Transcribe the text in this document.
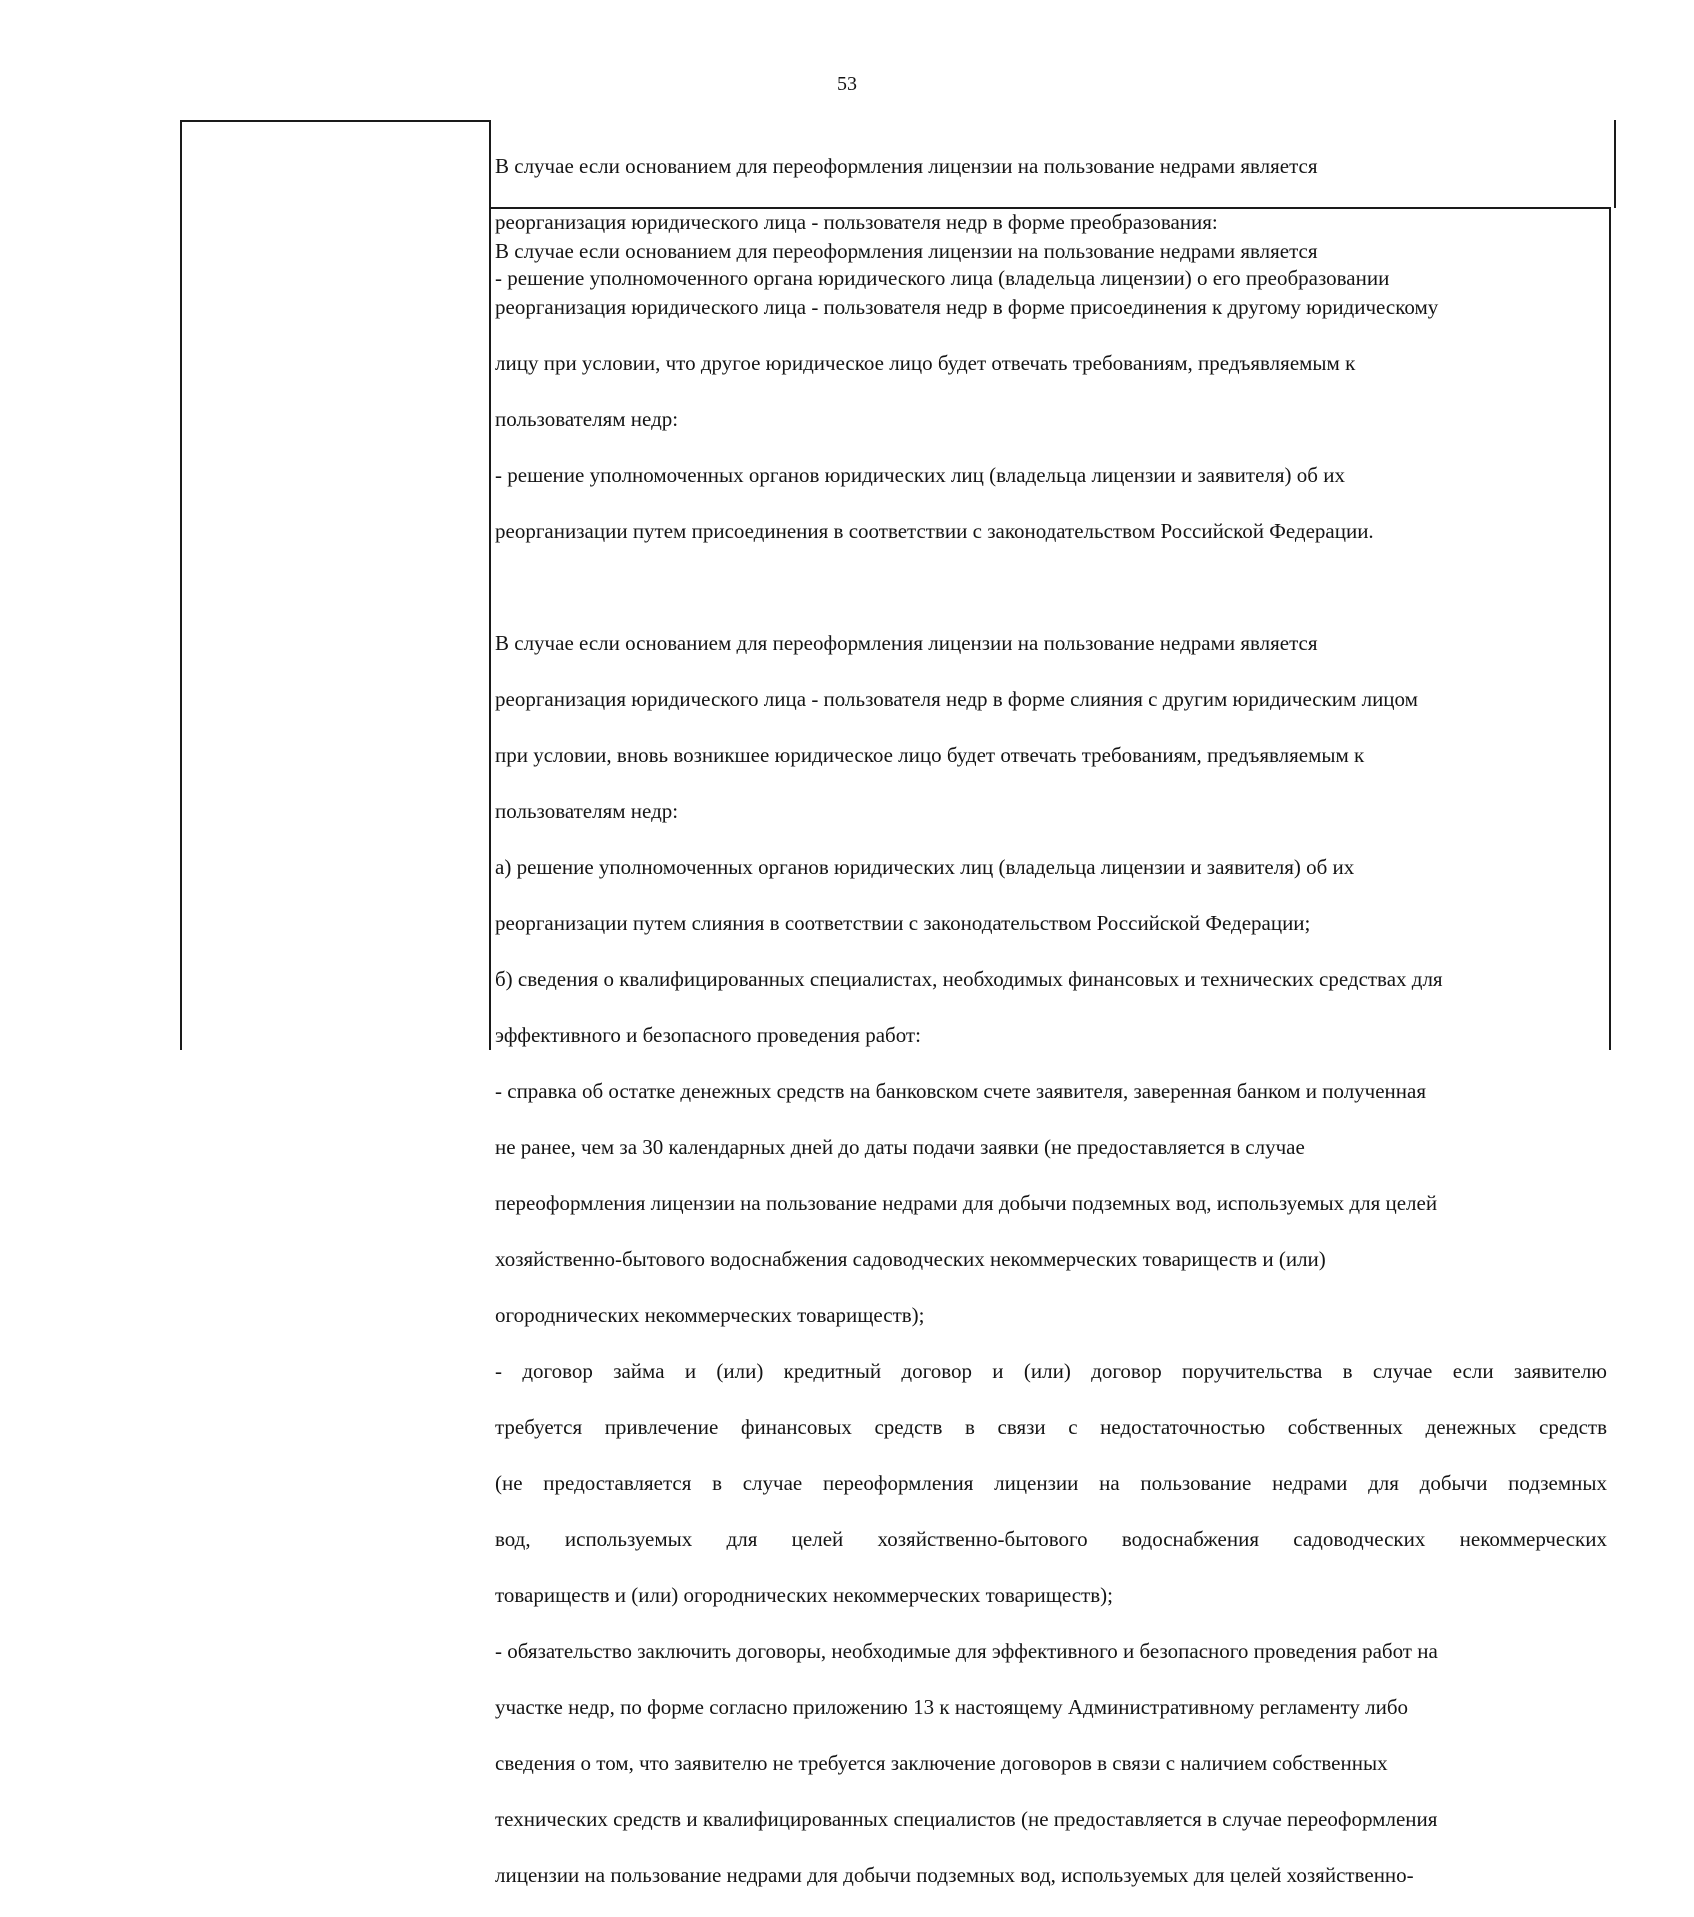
53

В случае если основанием для переоформления лицензии на пользование недрами является

реорганизация юридического лица - пользователя недр в форме преобразования:

- решение уполномоченного органа юридического лица (владельца лицензии) о его преобразовании

В случае если основанием для переоформления лицензии на пользование недрами является

реорганизация юридического лица - пользователя недр в форме присоединения к другому юридическому

лицу при условии, что другое юридическое лицо будет отвечать требованиям, предъявляемым к

пользователям недр:

- решение уполномоченных органов юридических лиц (владельца лицензии и заявителя) об их

реорганизации путем присоединения в соответствии с законодательством Российской Федерации.

В случае если основанием для переоформления лицензии на пользование недрами является

реорганизация юридического лица - пользователя недр в форме слияния с другим юридическим лицом

при условии, вновь возникшее юридическое лицо будет отвечать требованиям, предъявляемым к

пользователям недр:

а) решение уполномоченных органов юридических лиц (владельца лицензии и заявителя) об их

реорганизации путем слияния в соответствии с законодательством Российской Федерации;

б) сведения о квалифицированных специалистах, необходимых финансовых и технических средствах для

эффективного и безопасного проведения работ:

- справка об остатке денежных средств на банковском счете заявителя, заверенная банком и полученная

не ранее, чем за 30 календарных дней до даты подачи заявки (не предоставляется в случае

переоформления лицензии на пользование недрами для добычи подземных вод, используемых для целей

хозяйственно-бытового водоснабжения садоводческих некоммерческих товариществ и (или)

огороднических некоммерческих товариществ);

- договор займа и (или) кредитный договор и (или) договор поручительства в случае если заявителю

требуется привлечение финансовых средств в связи с недостаточностью собственных денежных средств

(не предоставляется в случае переоформления лицензии на пользование недрами для добычи подземных

вод, используемых для целей хозяйственно-бытового водоснабжения садоводческих некоммерческих

товариществ и (или) огороднических некоммерческих товариществ);

- обязательство заключить договоры, необходимые для эффективного и безопасного проведения работ на

участке недр, по форме согласно приложению 13 к настоящему Административному регламенту либо

сведения о том, что заявителю не требуется заключение договоров в связи с наличием собственных

технических средств и квалифицированных специалистов (не предоставляется в случае переоформления

лицензии на пользование недрами для добычи подземных вод, используемых для целей хозяйственно-
